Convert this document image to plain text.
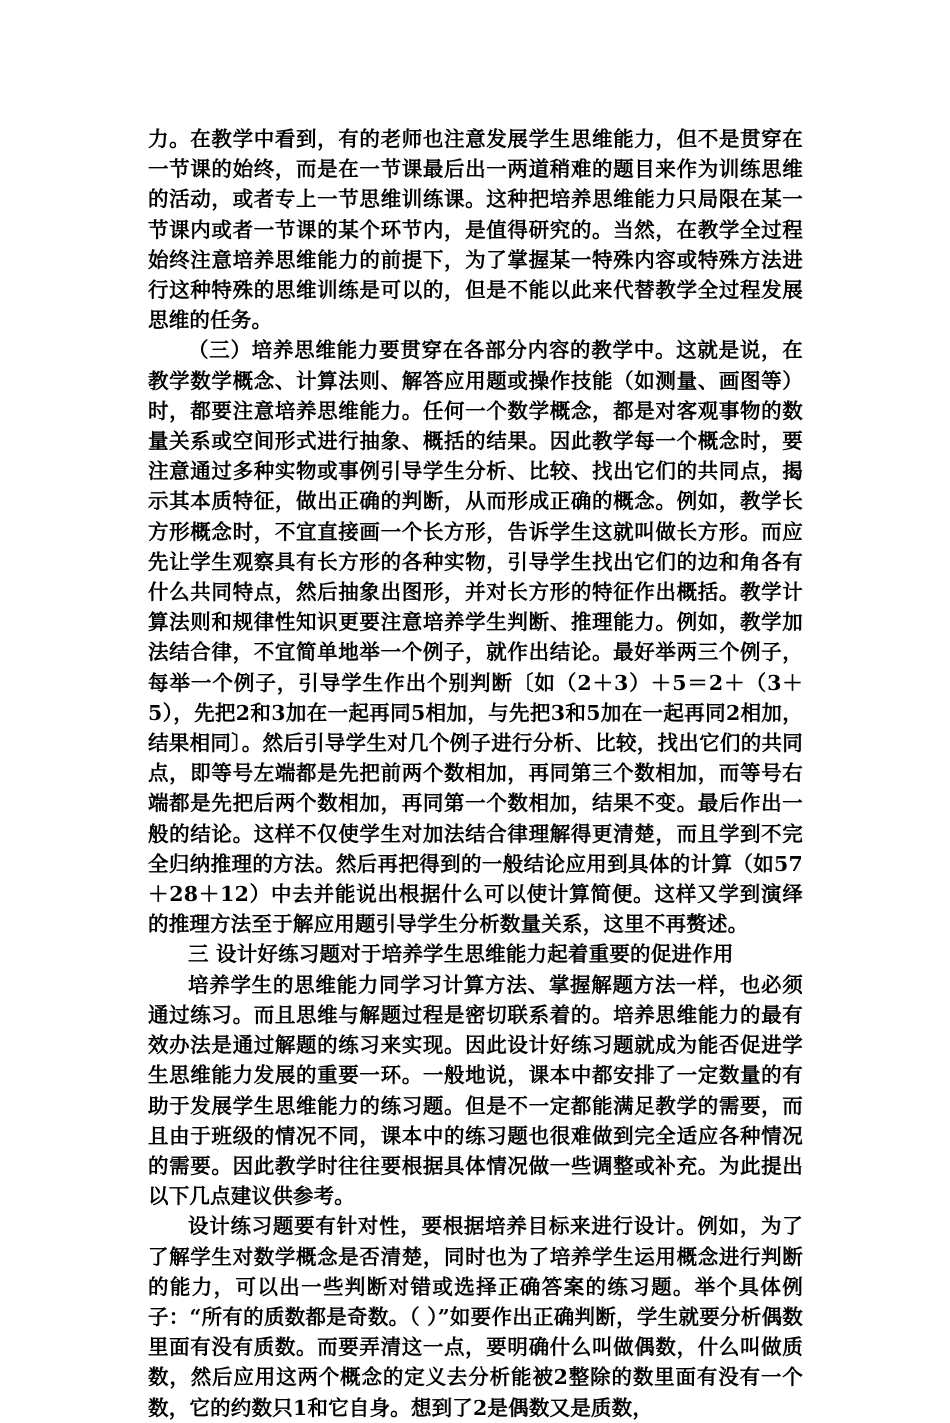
力。在教学中看到，有的老师也注意发展学生思维能力，但不是贯穿在一节课的始终，而是在一节课最后出一两道稍难的题目来作为训练思维的活动，或者专上一节思维训练课。这种把培养思维能力只局限在某一节课内或者一节课的某个环节内，是值得研究的。当然，在教学全过程始终注意培养思维能力的前提下，为了掌握某一特殊内容或特殊方法进行这种特殊的思维训练是可以的，但是不能以此来代替教学全过程发展思维的任务。

（三）培养思维能力要贯穿在各部分内容的教学中。这就是说，在教学数学概念、计算法则、解答应用题或操作技能（如测量、画图等）时，都要注意培养思维能力。任何一个数学概念，都是对客观事物的数量关系或空间形式进行抽象、概括的结果。因此教学每一个概念时，要注意通过多种实物或事例引导学生分析、比较、找出它们的共同点，揭示其本质特征，做出正确的判断，从而形成正确的概念。例如，教学长方形概念时，不宜直接画一个长方形，告诉学生这就叫做长方形。而应先让学生观察具有长方形的各种实物，引导学生找出它们的边和角各有什么共同特点，然后抽象出图形，并对长方形的特征作出概括。教学计算法则和规律性知识更要注意培养学生判断、推理能力。例如，教学加法结合律，不宜简单地举一个例子，就作出结论。最好举两三个例子，每举一个例子，引导学生作出个别判断〔如（2＋3）＋5＝2＋（3＋5），先把2和3加在一起再同5相加，与先把3和5加在一起再同2相加，结果相同〕。然后引导学生对几个例子进行分析、比较，找出它们的共同点，即等号左端都是先把前两个数相加，再同第三个数相加，而等号右端都是先把后两个数相加，再同第一个数相加，结果不变。最后作出一般的结论。这样不仅使学生对加法结合律理解得更清楚，而且学到不完全归纳推理的方法。然后再把得到的一般结论应用到具体的计算（如57＋28＋12）中去并能说出根据什么可以使计算简便。这样又学到演绎的推理方法至于解应用题引导学生分析数量关系，这里不再赘述。

三 设计好练习题对于培养学生思维能力起着重要的促进作用

培养学生的思维能力同学习计算方法、掌握解题方法一样，也必须通过练习。而且思维与解题过程是密切联系着的。培养思维能力的最有效办法是通过解题的练习来实现。因此设计好练习题就成为能否促进学生思维能力发展的重要一环。一般地说，课本中都安排了一定数量的有助于发展学生思维能力的练习题。但是不一定都能满足教学的需要，而且由于班级的情况不同，课本中的练习题也很难做到完全适应各种情况的需要。因此教学时往往要根据具体情况做一些调整或补充。为此提出以下几点建议供参考。

设计练习题要有针对性，要根据培养目标来进行设计。例如，为了了解学生对数学概念是否清楚，同时也为了培养学生运用概念进行判断的能力，可以出一些判断对错或选择正确答案的练习题。举个具体例子：“所有的质数都是奇数。（ ）”如要作出正确判断，学生就要分析偶数里面有没有质数。而要弄清这一点，要明确什么叫做偶数，什么叫做质数，然后应用这两个概念的定义去分析能被2整除的数里面有没有一个数，它的约数只1和它自身。想到了2是偶数又是质数，
